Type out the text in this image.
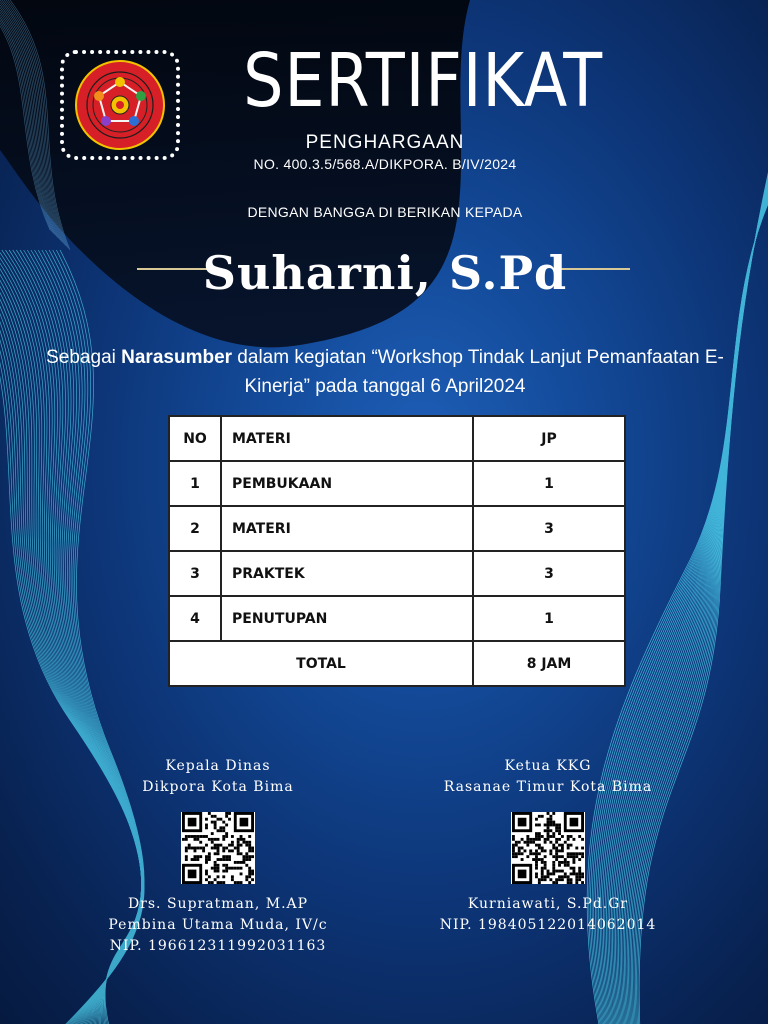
SERTIFIKAT
PENGHARGAAN
NO. 400.3.5/568.A/DIKPORA. B/IV/2024
DENGAN BANGGA DI BERIKAN KEPADA
Suharni, S.Pd
Sebagai Narasumber dalam kegiatan “Workshop Tindak Lanjut Pemanfaatan E-Kinerja” pada tanggal 6 April2024
NO	MATERI	JP
1	PEMBUKAAN	1
2	MATERI	3
3	PRAKTEK	3
4	PENUTUPAN	1
TOTAL		8 JAM
Kepala Dinas
Dikpora Kota Bima
Drs. Supratman, M.AP
Pembina Utama Muda, IV/c
NIP. 196612311992031163
Ketua KKG
Rasanae Timur Kota Bima
Kurniawati, S.Pd.Gr
NIP. 198405122014062014
